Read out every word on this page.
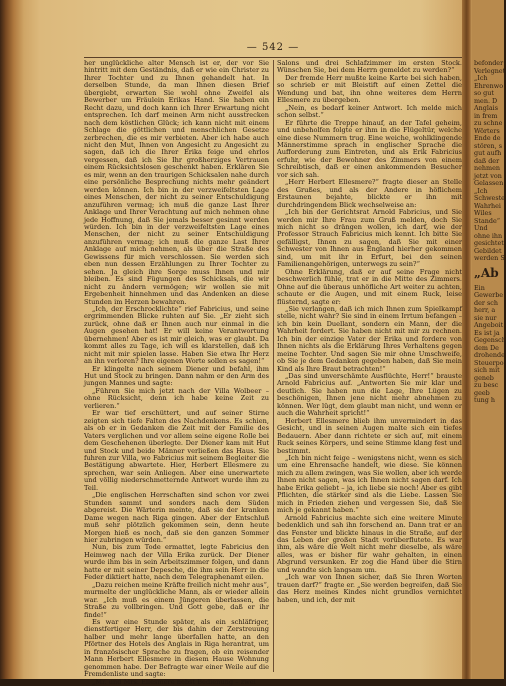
— 542 —

her unglückliche alter Mensch ist er, der vor Sie hintritt mit dem Geständnis, daß er wie ein Christer zu Ihrer Tochter und zu Ihnen gehandelt hat. In derselben Stunde, da man Ihnen diesen Brief übergiebt, erwarten Sie wohl ohne Zweifel als Bewerber um Fräulein Erikas Hand. Sie haben ein Recht dazu, und doch kann ich Ihrer Erwartung nicht entsprechen. Ich darf meinen Arm nicht ausstrecken nach dem köstlichen Glück; ich kann nicht mit einem Schlage die göttlichen und menschlichen Gesetze zerbrechen, die es mir verbieten. Aber ich habe auch nicht den Mut, Ihnen von Angesicht zu Angesicht zu sagen, daß ich die Ihrer Erika feige und ehrlos vergessen, daß ich Sie Ihr großherziges Vertrauen einem Rücksichtslosen geschenkt haben. Erklären Sie es mir, wenn an den traurigen Schicksalen nahe durch eine persönliche Besprechung nichts mehr geändert werden können. Ich bin in der verzweifeltsten Lage eines Menschen, der nicht zu seiner Entschuldigung anzuführen vermag; ich muß die ganze Last Ihrer Anklage und Ihrer Verachtung auf mich nehmen ohne jede Hoffnung, daß Sie jemals besser gesinnt werden würden. Ich bin in der verzweifeltsten Lage eines Menschen, der nicht zu seiner Entschuldigung anzuführen vermag; ich muß die ganze Last Ihrer Anklage auf mich nehmen, als über die Straße des Gewissens für mich verschlossen. Sie werden sich eben nun dessen Erzählungen zu Ihrer Tochter zu sehen. Ja gleich ihre Sorge muss Ihnen und mir bleiben. Es sind Fügungen des Schicksals, die wir nicht zu ändern vermögen; wir wollen sie mit Ergebenheit hinnehmen und das Andenken an diese Stunden im Herzen bewahren.

„Ich, der Erschrocklichte“ rief Fabricius, und seine ergrimmenden Blicke ruhten auf Sie. „Er zieht sich zurück, ohne daß er Ihnen auch nur einmal in die Augen gesehen hat! Er will keine Verantwortung übernehmen! Aber es ist mir gleich, was er glaubt. Da kommt alles zu Tage, ich will es klarstellen, daß ich nicht mit mir spielen lasse. Haben Sie etwa Ihr Herz an ihn verloren? Ihre eigenen Worte sollen es sagen!“

Er klingelte nach seinem Diener und befahl, ihm Hut und Stock zu bringen. Dann nahm er den Arm des jungen Mannes und sagte:

„Führen Sie mich jetzt nach der Villa Wolbeer – ohne Rücksicht, denn ich habe keine Zeit zu verlieren.“

Er war tief erschüttert, und auf seiner Stirne zeigten sich tiefe Falten des Nachdenkens. Es schien, als ob er in Gedanken die Zeit mit der Familie des Vaters verglichen und vor allem seine eigene Rolle bei dem Geschehenen überlegte. Der Diener kam mit Hut und Stock und beide Männer verließen das Haus. Sie fuhren zur Villa, wo Fabricius mit seinem Begleiter die Bestätigung abwartete. Hier, Herbert Ellesmere zu sprechen, war sein Anliegen. Aber eine unerwartete und völlig niederschmetternde Antwort wurde ihm zu Teil.

„Die englischen Herrschaften sind schon vor zwei Stunden sammt und sonders nach dem Süden abgereist. Die Wärterin meinte, daß sie der kranken Dame wegen nach Riga gingen. Aber der Entschluß muß sehr plötzlich gekommen sein, denn heute Morgen hieß es noch, daß sie den ganzen Sommer hier zubringen würden.“

Nun, bis zum Tode ermattet, legte Fabricius den Heimweg nach der Villa Erika zurück. Der Diener wurde ihm bis in sein Arbeitszimmer folgen, und dann hatte er mit seiner Depesche, die ihm sein Herr in die Feder diktiert hatte, nach dem Telegraphenamt eilen.

„Dazu reichen meine Kräfte freilich nicht mehr aus“, murmelte der unglückliche Mann, als er wieder allein war. „Ich muß es einem Jüngeren überlassen, die Straße zu vollbringen. Und Gott gebe, daß er ihr finde!“

Es war eine Stunde später, als ein schläfriger, dienstfertiger Herr, der bis dahin der Zerstreuung halber und mehr lange überfallen hatte, an den Pförtner des Hotels des Anglais in Riga herantrat, um in französischer Sprache zu fragen, ob ein reisender Mann Herbert Ellesmere in diesem Hause Wohnung genommen habe. Der Befragte war einer Weile auf die Fremdenliste und sagte:

„Mr. und Mrs. Ellesmere nebst Bedienung – zwei

Salons und drei Schlafzimmer im ersten Stock. Wünschen Sie, bei dem Herrn gemeldet zu werden?“

Der fremde Herr mußte keine Karte bei sich haben, so schrieb er mit Bleistift auf einen Zettel die Wendung und bat, ihn ohne weiteres dem Herrn Ellesmere zu übergeben.

„Nein, es bedarf keiner Antwort. Ich melde mich schon selbst.“

Er führte die Treppe hinauf, an der Tafel geheim, und unbeholfen folgte er ihm in die Flügeltür, welche eine diese Nummern trug. Eine weiche, wohlklingende Männerstimme sprach in englischer Sprache die Aufforderung zum Eintreten, und als Erik Fabricius erfuhr, wie der Bewohner des Zimmers von einem Schreibtisch, daß er einen ankommenden Besucher vor sich sah.

„Herr Herbert Ellesmere?“ fragte dieser an Stelle des Grußes, und als der Andere in höflichem Erstaunen bejahte, blickte er ihn mit durchdringendem Blick wechselweise an:

„Ich bin der Gerichtsrat Arnold Fabricius, und Sie werden mir Ihre Frau zum Gruß melden, doch Sie mich nicht so drängen wollen, ich darf, wie der Professor Strauch Fabricius mich kennt. Ich bitte Sie gefälligst, Ihnen zu sagen, daß Sie mit einer Schwester von Ihnen aus England hierher gekommen sind, um mit ihr in Erfurt, bei den seinen Familienangehörigen, unterwegs zu sein?“

Ohne Erklärung, daß er auf seine Frage nicht beschwerlich fühle, trat er in die Mitte des Zimmers. Ohne auf die überaus unhöfliche Art weiter zu achten, schaute er die Augen, und mit einem Ruck, leise flüsternd, sagte er:

„Sie verlangen, daß ich mich Ihnen zum Spielkampf stelle, nicht wahr? Sie sind in einem Irrtum befangen – ich bin kein Duellant, sondern ein Mann, der die Wahrheit fordert. Sie haben nicht mit mir zu rechnen. Ich bin der einzige Vater der Erika und fordere von Ihnen nichts als die Erklärung Ihres Verhaltens gegen meine Tochter. Und sagen Sie mir ohne Umschweife, ob Sie je dem Gedanken gegeben haben, daß Sie mein Kind als Ihre Braut betrachten!“

„Das sind unverschämte Ausflüchte, Herr!“ brauste Arnold Fabricius auf. „Antworten Sie mir klar und deutlich. Sie haben nun die Lage, Ihre Lügen zu beschönigen, Ihnen jene nicht mehr abnehmen zu können. Wer lügt, dem glaubt man nicht, und wenn er auch die Wahrheit spricht!“

Herbert Ellesmere blieb ihm unvermindert in das Gesicht, und in seinen Augen malte sich ein tiefes Bedauern. Aber dann richtete er sich auf, mit einem Ruck seines Körpers, und seine Stimme klang fest und bestimmt.

„Ich bin nicht feige – wenigstens nicht, wenn es sich um eine Ehrensache handelt, wie diese. Sie können mich zu allem zwingen, was Sie wollen, aber ich werde Ihnen nicht sagen, was ich Ihnen nicht sagen darf. Ich habe Erika geliebt – ja, ich liebe sie noch! Aber es gibt Pflichten, die stärker sind als die Liebe. Lassen Sie mich in Frieden ziehen und vergessen Sie, daß Sie mich je gekannt haben.“

Arnold Fabricius machte sich eine weitere Minute bedenklich und sah ihn forschend an. Dann trat er an das Fenster und blickte hinaus in die Straße, auf der das Leben der großen Stadt vorüberflutete. Es war ihm, als wäre die Welt nicht mehr dieselbe, als wäre alles, was er bisher für wahr gehalten, in einen Abgrund versunken. Er zog die Hand über die Stirn und wandte sich langsam um.

„Ich war von Ihnen sicher, daß Sie Ihren Worten trauen darf?“ fragte er. „Sie werden begreifen, daß Sie das Herz meines Kindes nicht grundlos vernichtet haben, und ich, der mit

befonder
Verlegnet
„Ich
Ehrenwo
so gut
men. D
Anglais
in frem
zu schne
Wörters
Ende de
stören, s
gut aufh
daß der
nehmen
jetzt von
Gelassen
„Ich
Schweste
Wahrhei
Wiles
Stande“
Und
ohne ihn
gesichtet
Gebildet
werden S
„Ab
Ein
Gewerbe
der sch
herr, a
sie nur
Angeboit
Es ist ja
Gegensch
dem De
drohende
Steuerpo
sich mit
geneb
zu besc
geeb
tung h
